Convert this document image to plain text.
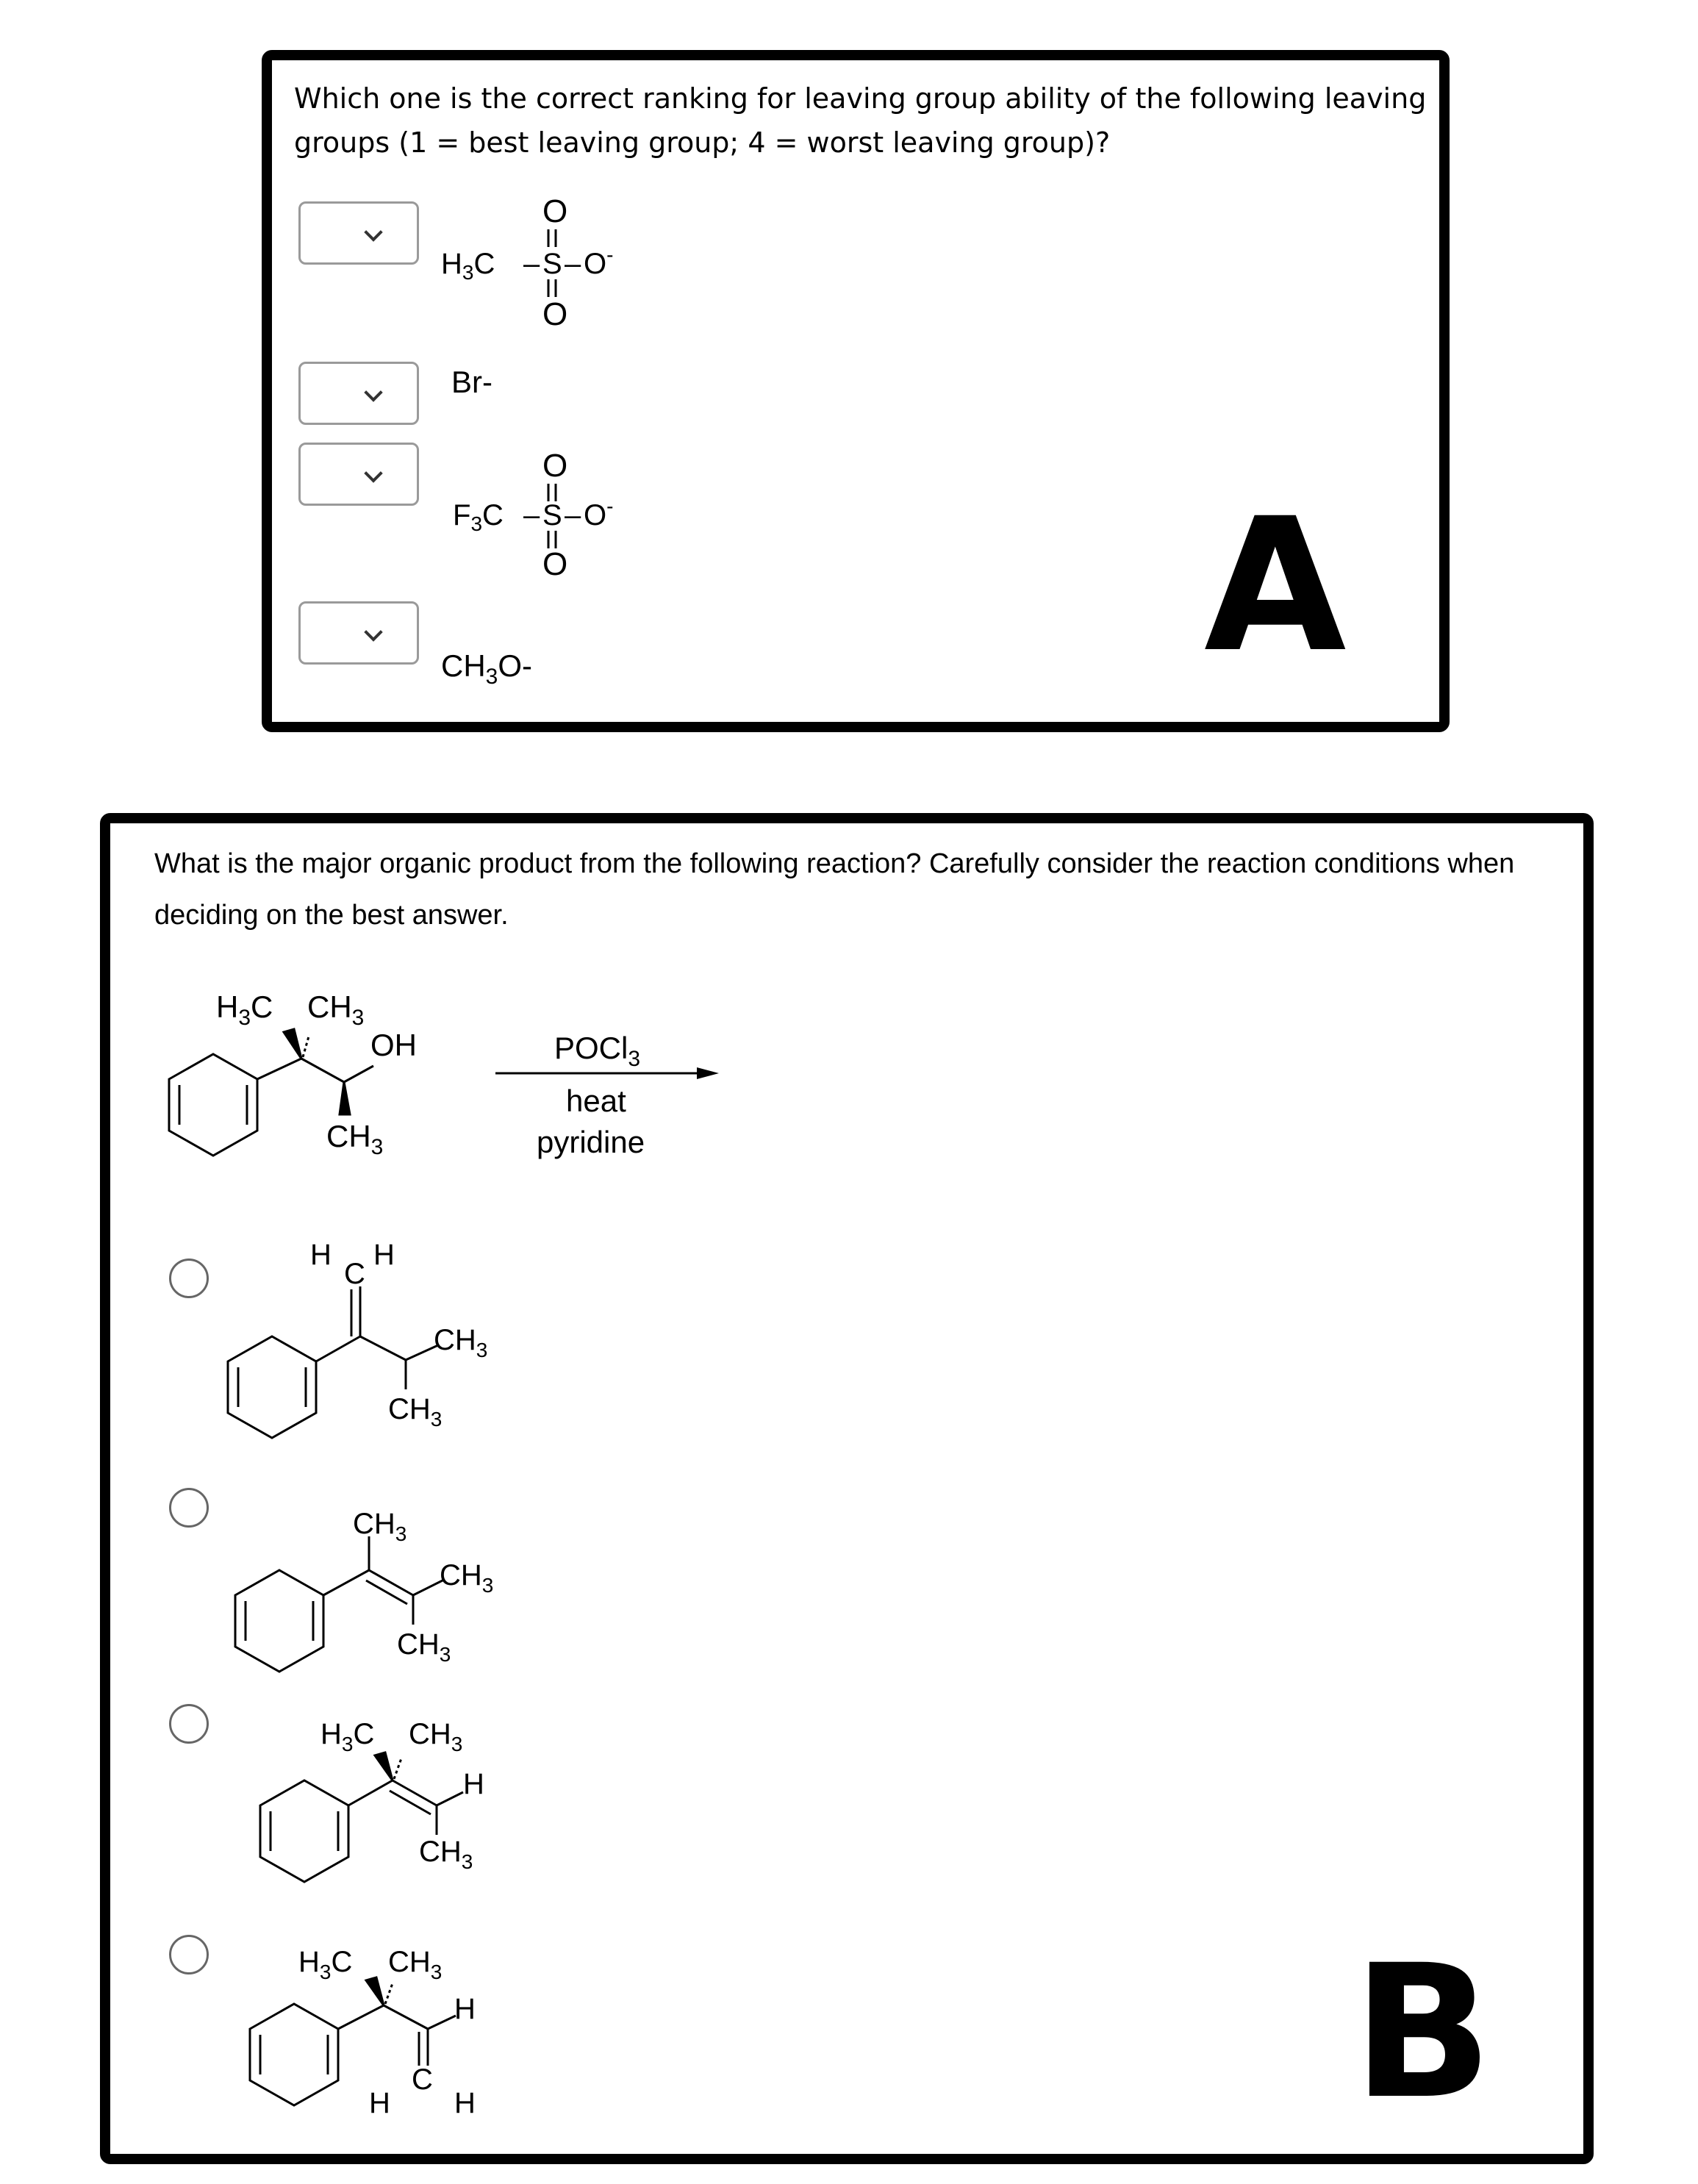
Which one is the correct ranking for leaving group ability of the following leaving groups (1 = best leaving group; 4 = worst leaving group)?
O
$H_3C$ – S – O-
O
Br-
O
$F_3C$ – S – O-
O
$CH_3O-$	A
What is the major organic product from the following reaction? Carefully consider the reaction conditions when deciding on the best answer.
$H_3C$ $CH_3$
OH
$CH_3$
POCl$_3$
heat
pyridine
H
C
H
$CH_3$
$CH_3$
$CH_3$
$CH_3$
$CH_3$
$H_3C$ $CH_3$
H
$CH_3$
$H_3C$ $CH_3$
H
C
H H	B
